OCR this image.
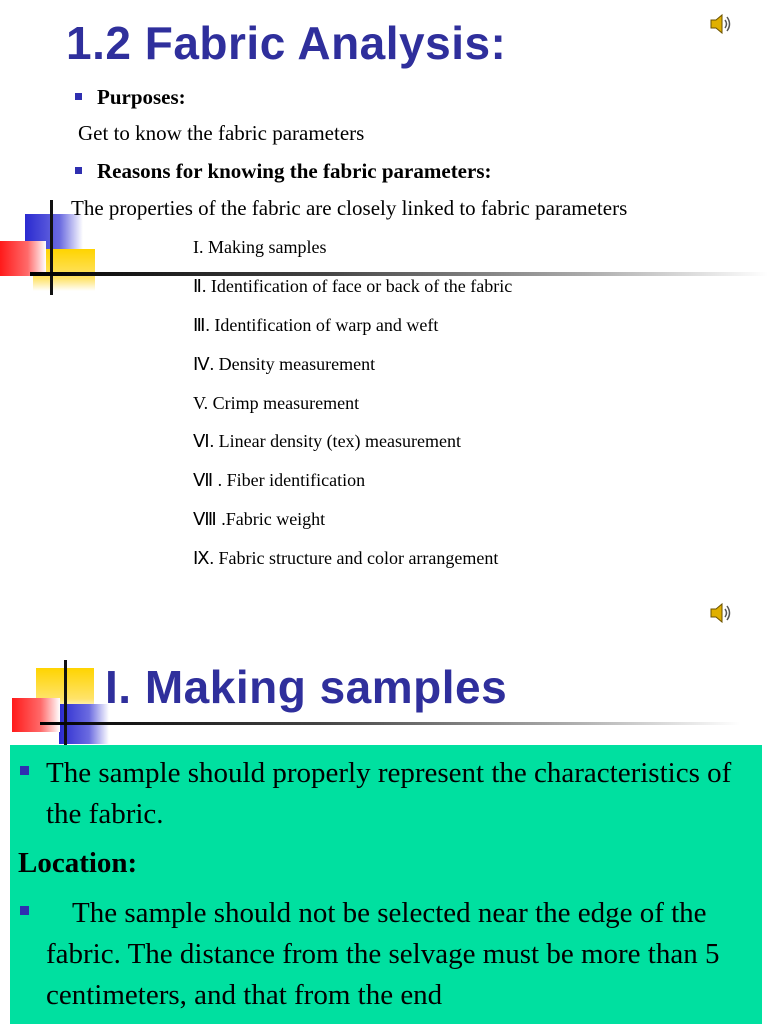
1.2 Fabric Analysis:
Purposes:
Get to know the fabric parameters
Reasons for knowing the fabric parameters:
The properties of the fabric are closely linked to fabric parameters
I. Making samples
Ⅱ. Identification of face or back of the fabric
Ⅲ. Identification of warp and weft
Ⅳ. Density measurement
V. Crimp measurement
Ⅵ. Linear density (tex) measurement
Ⅶ . Fiber identification
Ⅷ .Fabric weight
Ⅸ. Fabric structure and color arrangement
I. Making samples
The sample should properly represent the characteristics of the fabric.
Location:
The sample should not be selected near the edge of the fabric. The distance from the selvage must be more than 5 centimeters, and that from the end
